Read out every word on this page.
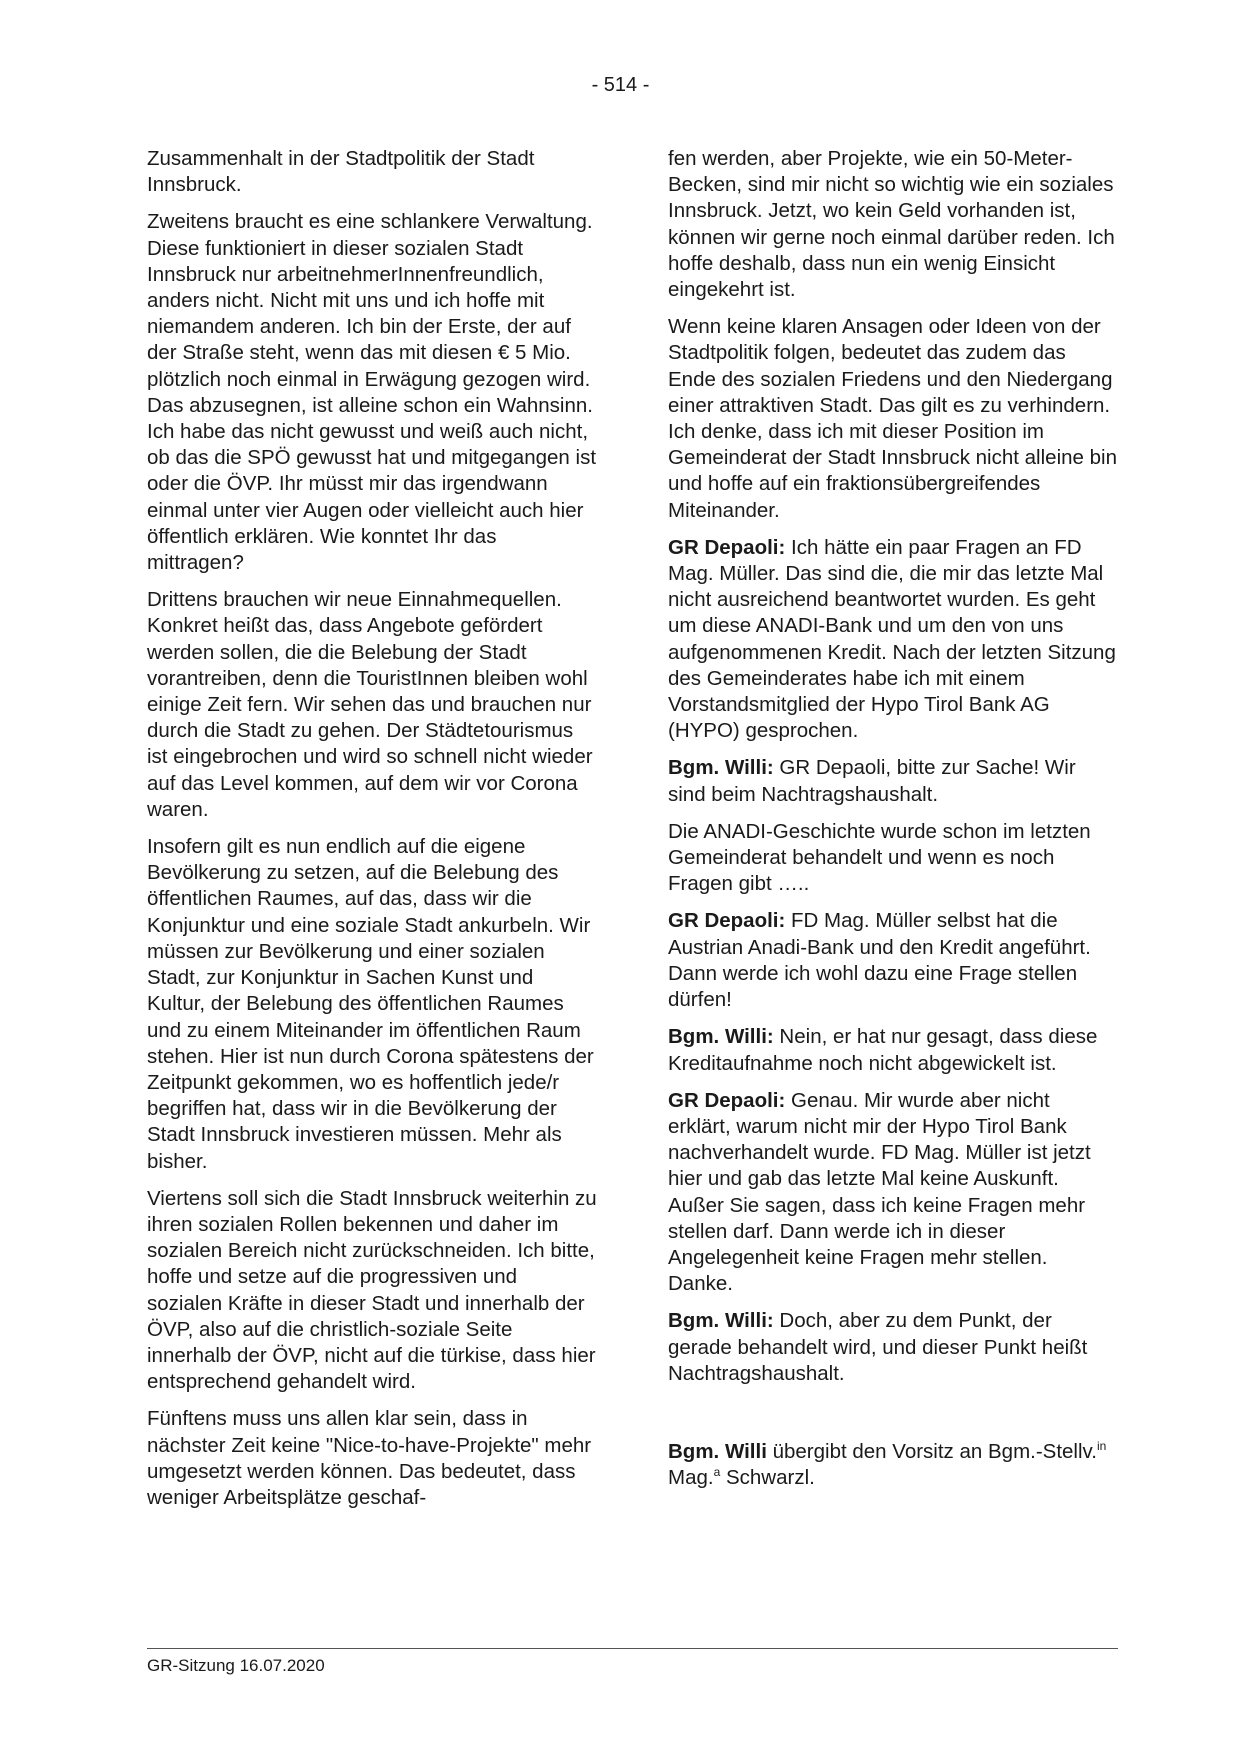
- 514 -

Zusammenhalt in der Stadtpolitik der Stadt Innsbruck.

Zweitens braucht es eine schlankere Verwaltung. Diese funktioniert in dieser sozialen Stadt Innsbruck nur arbeitnehmerInnenfreundlich, anders nicht. Nicht mit uns und ich hoffe mit niemandem anderen. Ich bin der Erste, der auf der Straße steht, wenn das mit diesen € 5 Mio. plötzlich noch einmal in Erwägung gezogen wird. Das abzusegnen, ist alleine schon ein Wahnsinn. Ich habe das nicht gewusst und weiß auch nicht, ob das die SPÖ gewusst hat und mitgegangen ist oder die ÖVP. Ihr müsst mir das irgendwann einmal unter vier Augen oder vielleicht auch hier öffentlich erklären. Wie konntet Ihr das mittragen?

Drittens brauchen wir neue Einnahmequellen. Konkret heißt das, dass Angebote gefördert werden sollen, die die Belebung der Stadt vorantreiben, denn die TouristInnen bleiben wohl einige Zeit fern. Wir sehen das und brauchen nur durch die Stadt zu gehen. Der Städtetourismus ist eingebrochen und wird so schnell nicht wieder auf das Level kommen, auf dem wir vor Corona waren.

Insofern gilt es nun endlich auf die eigene Bevölkerung zu setzen, auf die Belebung des öffentlichen Raumes, auf das, dass wir die Konjunktur und eine soziale Stadt ankurbeln. Wir müssen zur Bevölkerung und einer sozialen Stadt, zur Konjunktur in Sachen Kunst und Kultur, der Belebung des öffentlichen Raumes und zu einem Miteinander im öffentlichen Raum stehen. Hier ist nun durch Corona spätestens der Zeitpunkt gekommen, wo es hoffentlich jede/r begriffen hat, dass wir in die Bevölkerung der Stadt Innsbruck investieren müssen. Mehr als bisher.

Viertens soll sich die Stadt Innsbruck weiterhin zu ihren sozialen Rollen bekennen und daher im sozialen Bereich nicht zurückschneiden. Ich bitte, hoffe und setze auf die progressiven und sozialen Kräfte in dieser Stadt und innerhalb der ÖVP, also auf die christlich-soziale Seite innerhalb der ÖVP, nicht auf die türkise, dass hier entsprechend gehandelt wird.

Fünftens muss uns allen klar sein, dass in nächster Zeit keine "Nice-to-have-Projekte" mehr umgesetzt werden können. Das bedeutet, dass weniger Arbeitsplätze geschaf-

fen werden, aber Projekte, wie ein 50-Meter-Becken, sind mir nicht so wichtig wie ein soziales Innsbruck. Jetzt, wo kein Geld vorhanden ist, können wir gerne noch einmal darüber reden. Ich hoffe deshalb, dass nun ein wenig Einsicht eingekehrt ist.

Wenn keine klaren Ansagen oder Ideen von der Stadtpolitik folgen, bedeutet das zudem das Ende des sozialen Friedens und den Niedergang einer attraktiven Stadt. Das gilt es zu verhindern. Ich denke, dass ich mit dieser Position im Gemeinderat der Stadt Innsbruck nicht alleine bin und hoffe auf ein fraktionsübergreifendes Miteinander.

GR Depaoli: Ich hätte ein paar Fragen an FD Mag. Müller. Das sind die, die mir das letzte Mal nicht ausreichend beantwortet wurden. Es geht um diese ANADI-Bank und um den von uns aufgenommenen Kredit. Nach der letzten Sitzung des Gemeinderates habe ich mit einem Vorstandsmitglied der Hypo Tirol Bank AG (HYPO) gesprochen.

Bgm. Willi: GR Depaoli, bitte zur Sache! Wir sind beim Nachtragshaushalt.

Die ANADI-Geschichte wurde schon im letzten Gemeinderat behandelt und wenn es noch Fragen gibt …..

GR Depaoli: FD Mag. Müller selbst hat die Austrian Anadi-Bank und den Kredit angeführt. Dann werde ich wohl dazu eine Frage stellen dürfen!

Bgm. Willi: Nein, er hat nur gesagt, dass diese Kreditaufnahme noch nicht abgewickelt ist.

GR Depaoli: Genau. Mir wurde aber nicht erklärt, warum nicht mir der Hypo Tirol Bank nachverhandelt wurde. FD Mag. Müller ist jetzt hier und gab das letzte Mal keine Auskunft. Außer Sie sagen, dass ich keine Fragen mehr stellen darf. Dann werde ich in dieser Angelegenheit keine Fragen mehr stellen. Danke.

Bgm. Willi: Doch, aber zu dem Punkt, der gerade behandelt wird, und dieser Punkt heißt Nachtragshaushalt.

Bgm. Willi übergibt den Vorsitz an Bgm.-Stellv.$^{in}$ Mag.$^a$ Schwarzl.

GR-Sitzung 16.07.2020
